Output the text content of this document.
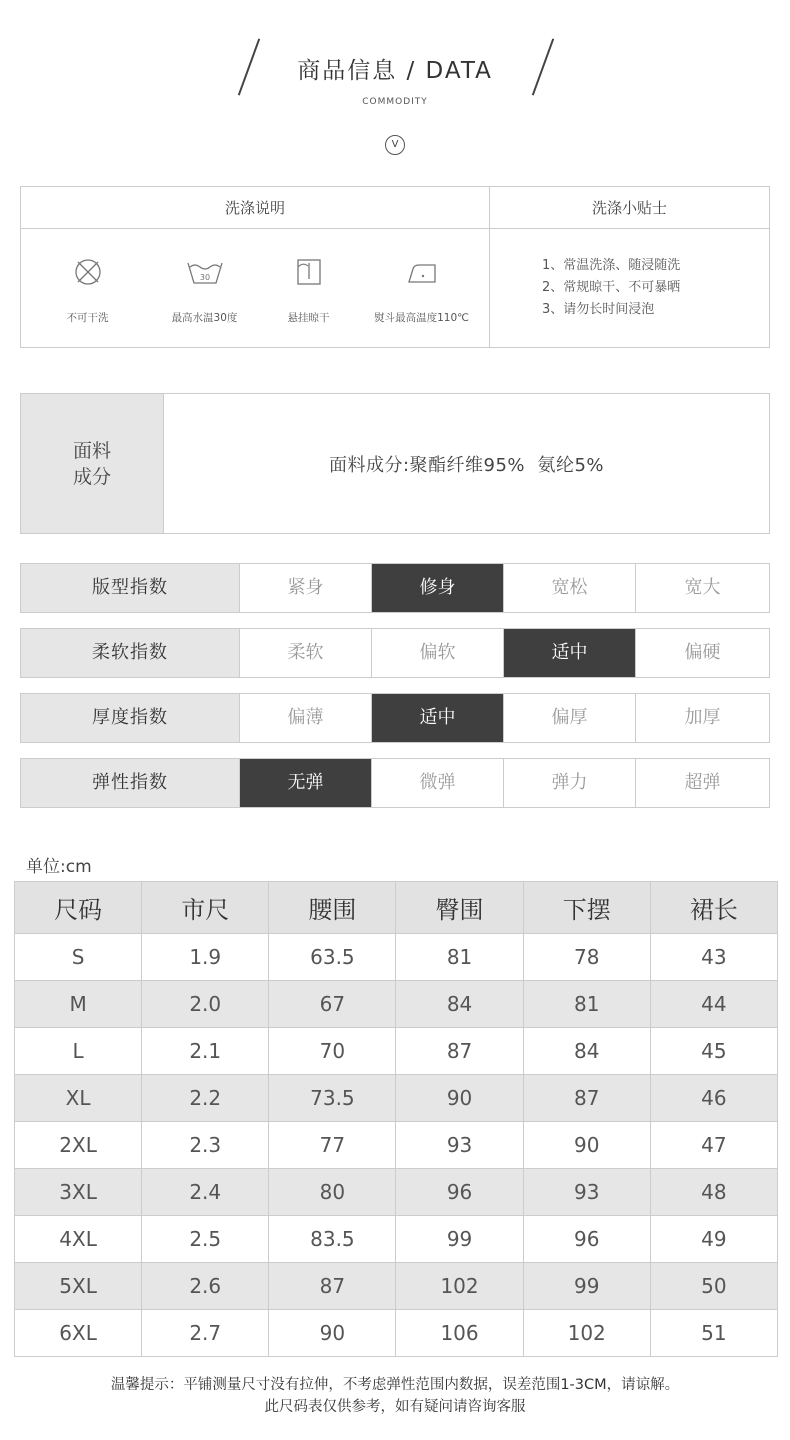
商品信息 / DATA
COMMODITY
V
洗涤说明
不可干洗
30
最高水温30度	悬挂晾干	熨斗最高温度110℃
洗涤小贴士
1、常温洗涤、随浸随洗
2、常规晾干、不可暴晒
3、请勿长时间浸泡
面料
成分
面料成分:聚酯纤维95%  氨纶5%
版型指数	紧身	修身	宽松	宽大
柔软指数	柔软	偏软	适中	偏硬
厚度指数	偏薄	适中	偏厚	加厚
弹性指数	无弹	微弹	弹力	超弹
单位:cm
尺码	市尺	腰围	臀围	下摆	裙长
S	1.9	63.5	81	78	43
M	2.0	67	84	81	44
L	2.1	70	87	84	45
XL	2.2	73.5	90	87	46
2XL	2.3	77	93	90	47
3XL	2.4	80	96	93	48
4XL	2.5	83.5	99	96	49
5XL	2.6	87	102	99	50
6XL	2.7	90	106	102	51
温馨提示：平铺测量尺寸没有拉伸，不考虑弹性范围内数据，误差范围1-3CM，请谅解。
此尺码表仅供参考，如有疑问请咨询客服
